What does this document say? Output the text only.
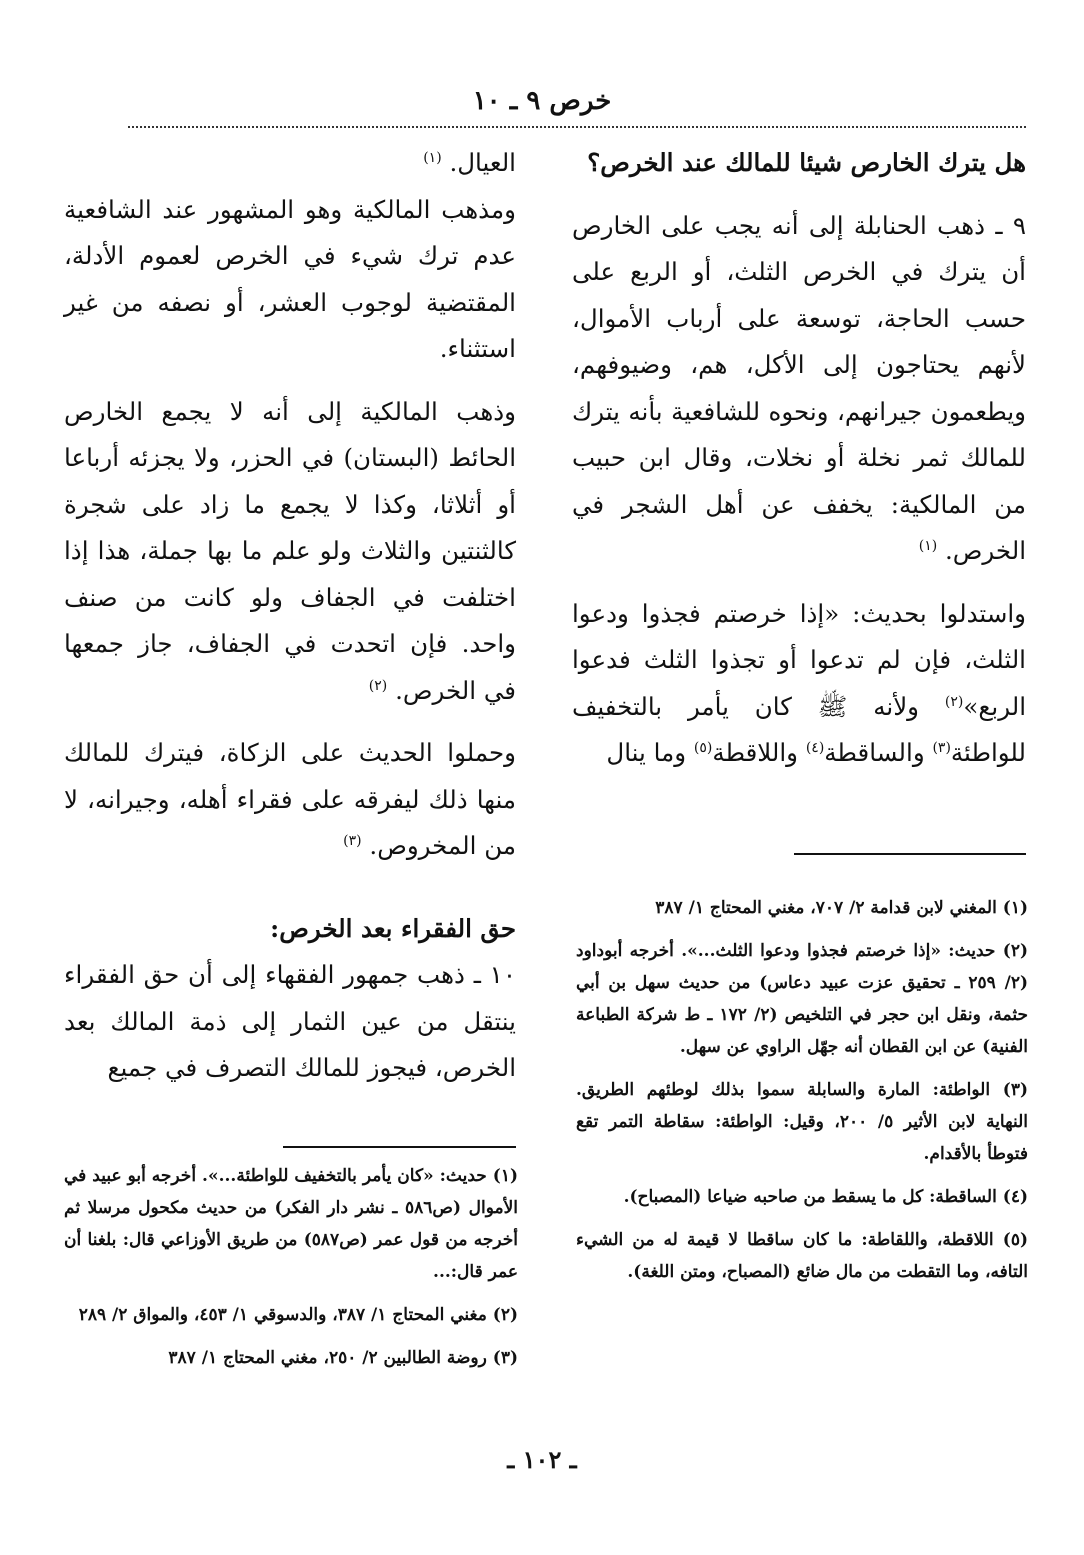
خرص ٩ ـ ١٠

هل يترك الخارص شيئا للمالك عند الخرص؟

٩ ـ ذهب الحنابلة إلى أنه يجب على الخارص أن يترك في الخرص الثلث، أو الربع على حسب الحاجة، توسعة على أرباب الأموال، لأنهم يحتاجون إلى الأكل، هم، وضيوفهم، ويطعمون جيرانهم، ونحوه للشافعية بأنه يترك للمالك ثمر نخلة أو نخلات، وقال ابن حبيب من المالكية: يخفف عن أهل الشجر في الخرص. $^{(١)}$

واستدلوا بحديث: «إذا خرصتم فجذوا ودعوا الثلث، فإن لم تدعوا أو تجذوا الثلث فدعوا الربع»$^{(٢)}$ ولأنه ﷺ كان يأمر بالتخفيف للواطئة$^{(٣)}$ والساقطة$^{(٤)}$ واللاقطة$^{(٥)}$ وما ينال

العيال. $^{(١)}$

ومذهب المالكية وهو المشهور عند الشافعية عدم ترك شيء في الخرص لعموم الأدلة، المقتضية لوجوب العشر، أو نصفه من غير استثناء.

وذهب المالكية إلى أنه لا يجمع الخارص الحائط (البستان) في الحزر، ولا يجزئه أرباعا أو أثلاثا، وكذا لا يجمع ما زاد على شجرة كالثنتين والثلاث ولو علم ما بها جملة، هذا إذا اختلفت في الجفاف ولو كانت من صنف واحد. فإن اتحدت في الجفاف، جاز جمعها في الخرص. $^{(٢)}$

وحملوا الحديث على الزكاة، فيترك للمالك منها ذلك ليفرقه على فقراء أهله، وجيرانه، لا من المخروص. $^{(٣)}$

حق الفقراء بعد الخرص:

١٠ ـ ذهب جمهور الفقهاء إلى أن حق الفقراء ينتقل من عين الثمار إلى ذمة المالك بعد الخرص، فيجوز للمالك التصرف في جميع

(١) المغني لابن قدامة ٢/ ٧٠٧، مغني المحتاج ١/ ٣٨٧

(٢) حديث: «إذا خرصتم فجذوا ودعوا الثلث...». أخرجه أبوداود (٢/ ٢٥٩ ـ تحقيق عزت عبيد دعاس) من حديث سهل بن أبي حثمة، ونقل ابن حجر في التلخيص (٢/ ١٧٢ ـ ط شركة الطباعة الفنية) عن ابن القطان أنه جهّل الراوي عن سهل.

(٣) الواطئة: المارة والسابلة سموا بذلك لوطئهم الطريق. النهاية لابن الأثير ٥/ ٢٠٠، وقيل: الواطئة: سقاطة التمر تقع فتوطأ بالأقدام.

(٤) الساقطة: كل ما يسقط من صاحبه ضياعا (المصباح).

(٥) اللاقطة، واللقاطة: ما كان ساقطا لا قيمة له من الشيء التافه، وما التقطت من مال ضائع (المصباح، ومتن اللغة).

(١) حديث: «كان يأمر بالتخفيف للواطئة...». أخرجه أبو عبيد في الأموال (ص٥٨٦ ـ نشر دار الفكر) من حديث مكحول مرسلا ثم أخرجه من قول عمر (ص٥٨٧) من طريق الأوزاعي قال: بلغنا أن عمر قال:...

(٢) مغني المحتاج ١/ ٣٨٧، والدسوقي ١/ ٤٥٣، والمواق ٢/ ٢٨٩

(٣) روضة الطالبين ٢/ ٢٥٠، مغني المحتاج ١/ ٣٨٧

ـ ١٠٢ ـ
